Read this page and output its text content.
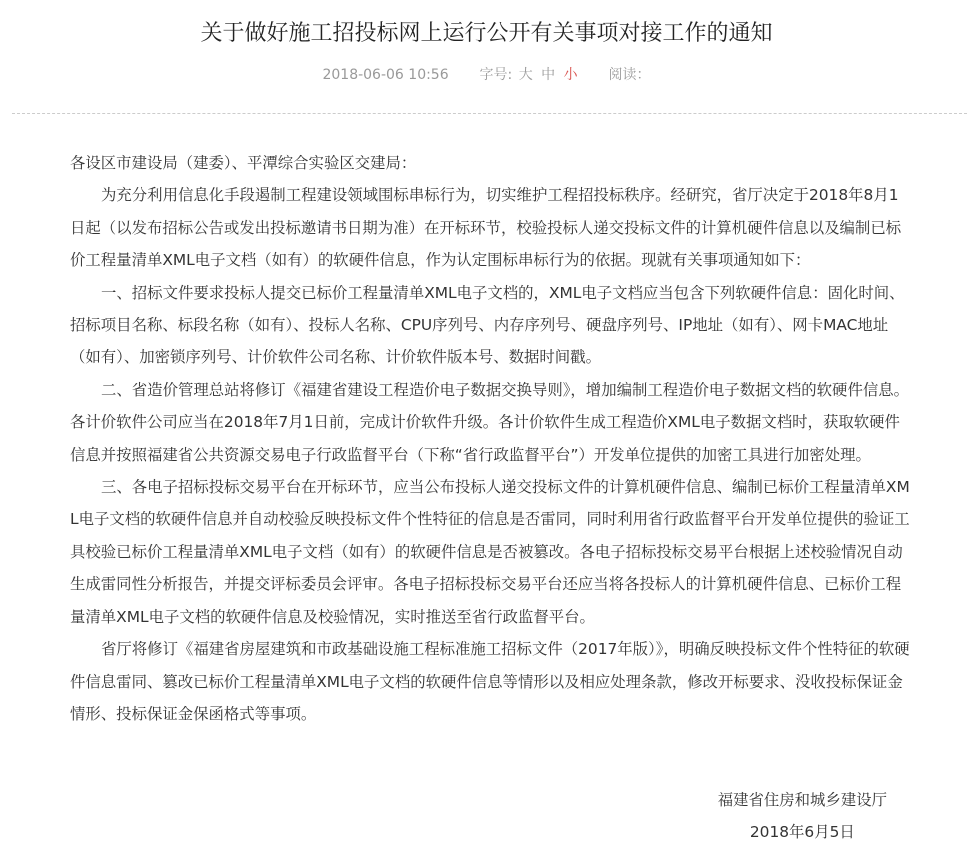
关于做好施工招投标网上运行公开有关事项对接工作的通知
2018-06-06 10:56 字号: 大 中 小 阅读：

各设区市建设局（建委）、平潭综合实验区交建局：

为充分利用信息化手段遏制工程建设领域围标串标行为，切实维护工程招投标秩序。经研究，省厅决定于2018年8月1日起（以发布招标公告或发出投标邀请书日期为准）在开标环节，校验投标人递交投标文件的计算机硬件信息以及编制已标价工程量清单XML电子文档（如有）的软硬件信息，作为认定围标串标行为的依据。现就有关事项通知如下：

一、招标文件要求投标人提交已标价工程量清单XML电子文档的，XML电子文档应当包含下列软硬件信息：固化时间、招标项目名称、标段名称（如有）、投标人名称、CPU序列号、内存序列号、硬盘序列号、IP地址（如有）、网卡MAC地址（如有）、加密锁序列号、计价软件公司名称、计价软件版本号、数据时间戳。

二、省造价管理总站将修订《福建省建设工程造价电子数据交换导则》，增加编制工程造价电子数据文档的软硬件信息。各计价软件公司应当在2018年7月1日前，完成计价软件升级。各计价软件生成工程造价XML电子数据文档时，获取软硬件信息并按照福建省公共资源交易电子行政监督平台（下称“省行政监督平台”）开发单位提供的加密工具进行加密处理。

三、各电子招标投标交易平台在开标环节，应当公布投标人递交投标文件的计算机硬件信息、编制已标价工程量清单XML电子文档的软硬件信息并自动校验反映投标文件个性特征的信息是否雷同，同时利用省行政监督平台开发单位提供的验证工具校验已标价工程量清单XML电子文档（如有）的软硬件信息是否被篡改。各电子招标投标交易平台根据上述校验情况自动生成雷同性分析报告，并提交评标委员会评审。各电子招标投标交易平台还应当将各投标人的计算机硬件信息、已标价工程量清单XML电子文档的软硬件信息及校验情况，实时推送至省行政监督平台。

省厅将修订《福建省房屋建筑和市政基础设施工程标准施工招标文件（2017年版）》，明确反映投标文件个性特征的软硬件信息雷同、篡改已标价工程量清单XML电子文档的软硬件信息等情形以及相应处理条款，修改开标要求、没收投标保证金情形、投标保证金保函格式等事项。

福建省住房和城乡建设厅
2018年6月5日
